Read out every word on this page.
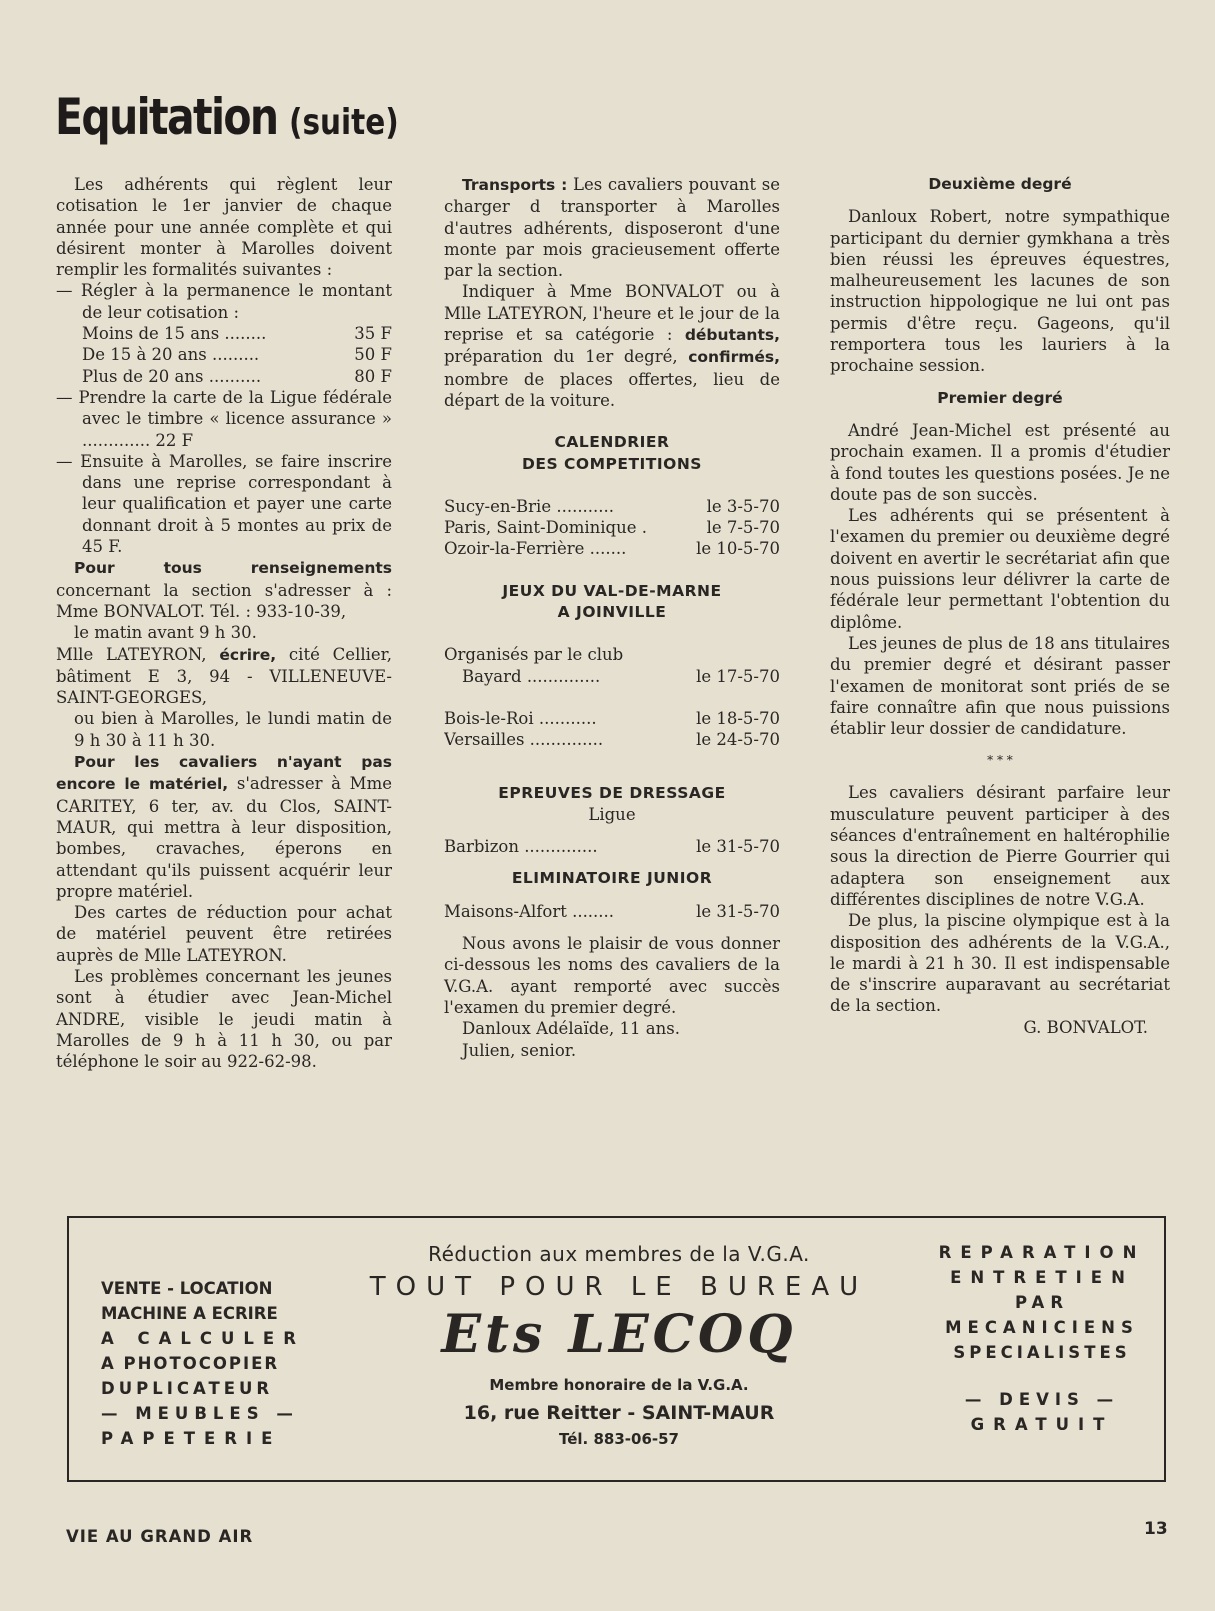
Equitation (suite)

Les adhérents qui règlent leur cotisation le 1er janvier de chaque année pour une année complète et qui désirent monter à Marolles doivent remplir les formalités suivantes :

— Régler à la permanence le montant de leur cotisation :

Moins de 15 ans ........	35 F
De 15 à 20 ans .........	50 F
Plus de 20 ans ..........	80 F

— Prendre la carte de la Ligue fédérale avec le timbre « licence assurance » ............. 22 F

— Ensuite à Marolles, se faire inscrire dans une reprise correspondant à leur qualification et payer une carte donnant droit à 5 montes au prix de 45 F.

Pour tous renseignements concernant la section s'adresser à : Mme BONVALOT. Tél. : 933-10-39,

le matin avant 9 h 30.

Mlle LATEYRON, écrire, cité Cellier, bâtiment E 3, 94 - VILLENEUVE-SAINT-GEORGES,

ou bien à Marolles, le lundi matin de 9 h 30 à 11 h 30.

Pour les cavaliers n'ayant pas encore le matériel, s'adresser à Mme CARITEY, 6 ter, av. du Clos, SAINT-MAUR, qui mettra à leur disposition, bombes, cravaches, éperons en attendant qu'ils puissent acquérir leur propre matériel.

Des cartes de réduction pour achat de matériel peuvent être retirées auprès de Mlle LATEYRON.

Les problèmes concernant les jeunes sont à étudier avec Jean-Michel ANDRE, visible le jeudi matin à Marolles de 9 h à 11 h 30, ou par téléphone le soir au 922-62-98.

Transports : Les cavaliers pouvant se charger d transporter à Marolles d'autres adhérents, disposeront d'une monte par mois gracieusement offerte par la section.

Indiquer à Mme BONVALOT ou à Mlle LATEYRON, l'heure et le jour de la reprise et sa catégorie : débutants, préparation du 1er degré, confirmés, nombre de places offertes, lieu de départ de la voiture.

CALENDRIER
DES COMPETITIONS
Sucy-en-Brie ...........	le 3-5-70
Paris, Saint-Dominique .	le 7-5-70
Ozoir-la-Ferrière .......	le 10-5-70
JEUX DU VAL-DE-MARNE
A JOINVILLE
Organisés par le club
Bayard ..............	le 17-5-70
Bois-le-Roi ...........	le 18-5-70
Versailles ..............	le 24-5-70
EPREUVES DE DRESSAGE
Ligue
Barbizon ..............	le 31-5-70
ELIMINATOIRE JUNIOR
Maisons-Alfort ........	le 31-5-70

Nous avons le plaisir de vous donner ci-dessous les noms des cavaliers de la V.G.A. ayant remporté avec succès l'examen du premier degré.

Danloux Adélaïde, 11 ans.

Julien, senior.

Deuxième degré

Danloux Robert, notre sympathique participant du dernier gymkhana a très bien réussi les épreuves équestres, malheureusement les lacunes de son instruction hippologique ne lui ont pas permis d'être reçu. Gageons, qu'il remportera tous les lauriers à la prochaine session.

Premier degré

André Jean-Michel est présenté au prochain examen. Il a promis d'étudier à fond toutes les questions posées. Je ne doute pas de son succès.

Les adhérents qui se présentent à l'examen du premier ou deuxième degré doivent en avertir le secrétariat afin que nous puissions leur délivrer la carte de fédérale leur permettant l'obtention du diplôme.

Les jeunes de plus de 18 ans titulaires du premier degré et désirant passer l'examen de monitorat sont priés de se faire connaître afin que nous puissions établir leur dossier de candidature.

* * *

Les cavaliers désirant parfaire leur musculature peuvent participer à des séances d'entraînement en haltérophilie sous la direction de Pierre Gourrier qui adaptera son enseignement aux différentes disciplines de notre V.G.A.

De plus, la piscine olympique est à la disposition des adhérents de la V.G.A., le mardi à 21 h 30. Il est indispensable de s'inscrire auparavant au secrétariat de la section.

G. BONVALOT.
VENTE - LOCATION
MACHINE A ECRIRE
A CALCULER
A PHOTOCOPIER
DUPLICATEUR
— MEUBLES —
PAPETERIE
Réduction aux membres de la V.G.A.
TOUT POUR LE BUREAU
Ets LECOQ
Membre honoraire de la V.G.A.
16, rue Reitter - SAINT-MAUR
Tél. 883-06-57
REPARATION
ENTRETIEN
PAR
MECANICIENS
SPECIALISTES
— DEVIS —
GRATUIT
VIE AU GRAND AIR	13
